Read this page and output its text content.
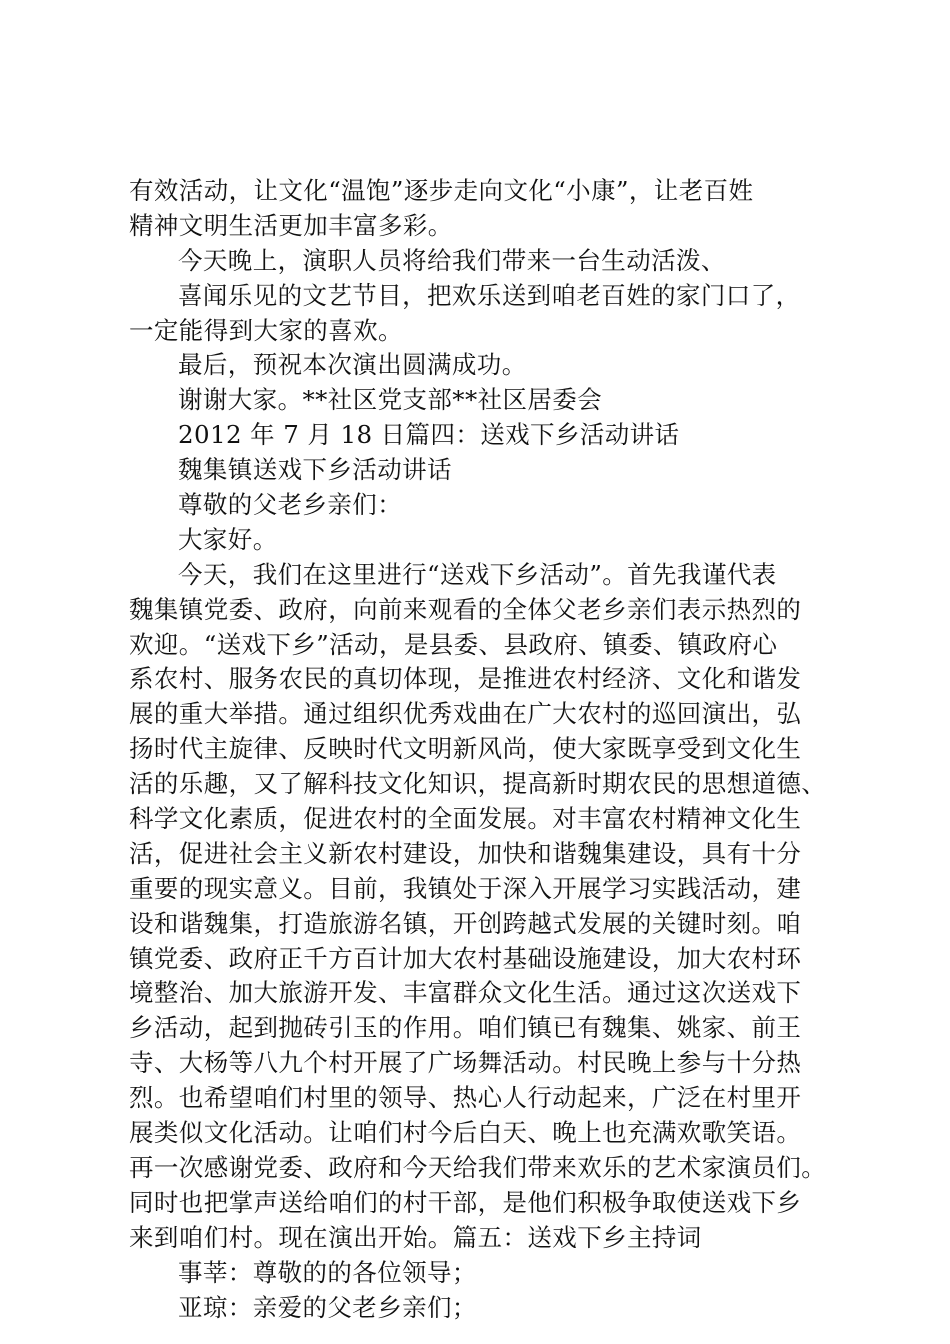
有效活动，让文化“温饱”逐步走向文化“小康”，让老百姓
精神文明生活更加丰富多彩。
今天晚上，演职人员将给我们带来一台生动活泼、
喜闻乐见的文艺节目，把欢乐送到咱老百姓的家门口了，
一定能得到大家的喜欢。
最后，预祝本次演出圆满成功。
谢谢大家。**社区党支部**社区居委会
2012 年 7 月 18 日篇四：送戏下乡活动讲话
魏集镇送戏下乡活动讲话
尊敬的父老乡亲们：
大家好。
今天，我们在这里进行“送戏下乡活动”。首先我谨代表
魏集镇党委、政府，向前来观看的全体父老乡亲们表示热烈的
欢迎。“送戏下乡”活动，是县委、县政府、镇委、镇政府心
系农村、服务农民的真切体现，是推进农村经济、文化和谐发
展的重大举措。通过组织优秀戏曲在广大农村的巡回演出，弘
扬时代主旋律、反映时代文明新风尚，使大家既享受到文化生
活的乐趣，又了解科技文化知识，提高新时期农民的思想道德、
科学文化素质，促进农村的全面发展。对丰富农村精神文化生
活，促进社会主义新农村建设，加快和谐魏集建设，具有十分
重要的现实意义。目前，我镇处于深入开展学习实践活动，建
设和谐魏集，打造旅游名镇，开创跨越式发展的关键时刻。咱
镇党委、政府正千方百计加大农村基础设施建设，加大农村环
境整治、加大旅游开发、丰富群众文化生活。通过这次送戏下
乡活动，起到抛砖引玉的作用。咱们镇已有魏集、姚家、前王
寺、大杨等八九个村开展了广场舞活动。村民晚上参与十分热
烈。也希望咱们村里的领导、热心人行动起来，广泛在村里开
展类似文化活动。让咱们村今后白天、晚上也充满欢歌笑语。
再一次感谢党委、政府和今天给我们带来欢乐的艺术家演员们。
同时也把掌声送给咱们的村干部，是他们积极争取使送戏下乡
来到咱们村。现在演出开始。篇五：送戏下乡主持词
事莘：尊敬的的各位领导；
亚琼：亲爱的父老乡亲们；
